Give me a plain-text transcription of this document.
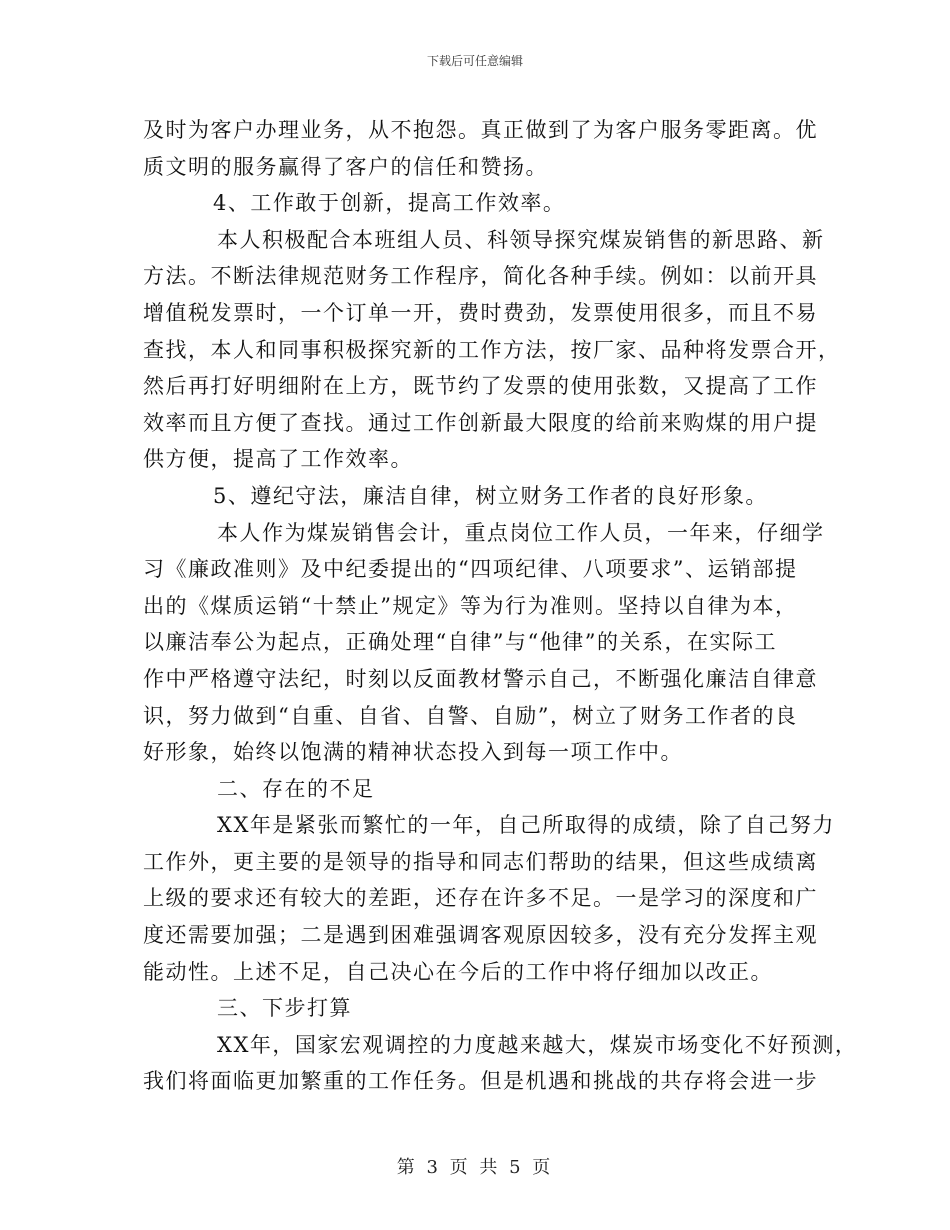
下载后可任意编辑
及时为客户办理业务，从不抱怨。真正做到了为客户服务零距离。优
质文明的服务赢得了客户的信任和赞扬。
4、工作敢于创新，提高工作效率。
本人积极配合本班组人员、科领导探究煤炭销售的新思路、新
方法。不断法律规范财务工作程序，简化各种手续。例如：以前开具
增值税发票时，一个订单一开，费时费劲，发票使用很多，而且不易
查找，本人和同事积极探究新的工作方法，按厂家、品种将发票合开，
然后再打好明细附在上方，既节约了发票的使用张数，又提高了工作
效率而且方便了查找。通过工作创新最大限度的给前来购煤的用户提
供方便，提高了工作效率。
5、遵纪守法，廉洁自律，树立财务工作者的良好形象。
本人作为煤炭销售会计，重点岗位工作人员，一年来，仔细学
习《廉政准则》及中纪委提出的“四项纪律、八项要求”、运销部提
出的《煤质运销“十禁止”规定》等为行为准则。坚持以自律为本，
以廉洁奉公为起点，正确处理“自律”与“他律”的关系，在实际工
作中严格遵守法纪，时刻以反面教材警示自己，不断强化廉洁自律意
识，努力做到“自重、自省、自警、自励”，树立了财务工作者的良
好形象，始终以饱满的精神状态投入到每一项工作中。
二、存在的不足
XX年是紧张而繁忙的一年，自己所取得的成绩，除了自己努力
工作外，更主要的是领导的指导和同志们帮助的结果，但这些成绩离
上级的要求还有较大的差距，还存在许多不足。一是学习的深度和广
度还需要加强；二是遇到困难强调客观原因较多，没有充分发挥主观
能动性。上述不足，自己决心在今后的工作中将仔细加以改正。
三、下步打算
XX年，国家宏观调控的力度越来越大，煤炭市场变化不好预测，
我们将面临更加繁重的工作任务。但是机遇和挑战的共存将会进一步
第 3 页 共 5 页
